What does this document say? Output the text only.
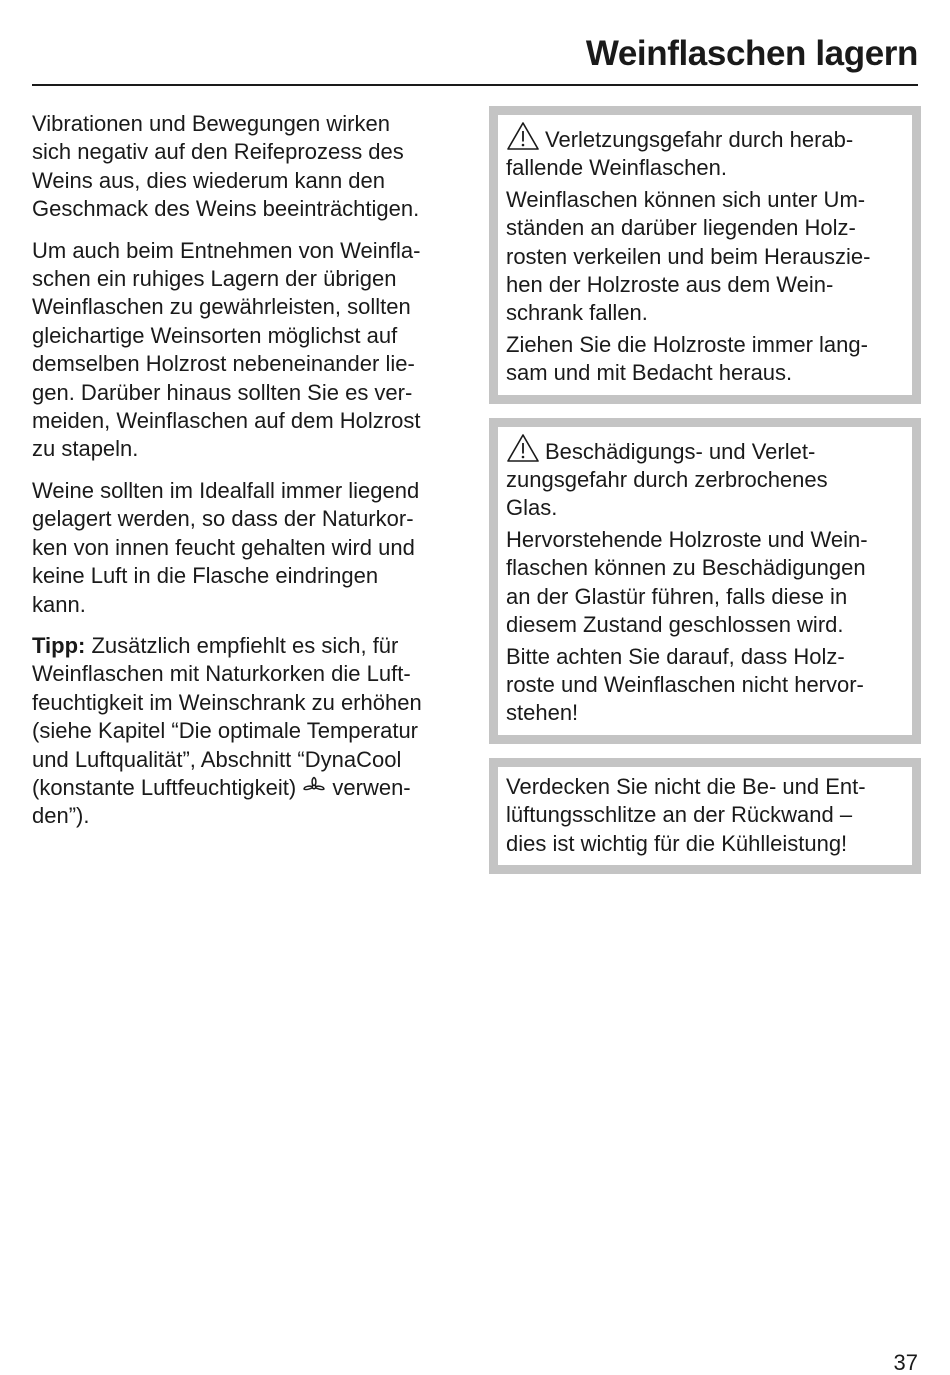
Weinflaschen lagern

Vibrationen und Bewegungen wirken
sich negativ auf den Reifeprozess des
Weins aus, dies wiederum kann den
Geschmack des Weins beeinträchtigen.

Um auch beim Entnehmen von Weinfla-
schen ein ruhiges Lagern der übrigen
Weinflaschen zu gewährleisten, sollten
gleichartige Weinsorten möglichst auf
demselben Holzrost nebeneinander lie-
gen. Darüber hinaus sollten Sie es ver-
meiden, Weinflaschen auf dem Holzrost
zu stapeln.

Weine sollten im Idealfall immer liegend
gelagert werden, so dass der Naturkor-
ken von innen feucht gehalten wird und
keine Luft in die Flasche eindringen
kann.

Tipp: Zusätzlich empfiehlt es sich, für
Weinflaschen mit Naturkorken die Luft-
feuchtigkeit im Weinschrank zu erhöhen
(siehe Kapitel “Die optimale Temperatur
und Luftqualität”, Abschnitt “DynaCool
(konstante Luftfeuchtigkeit)  verwen-
den”).

Verletzungsgefahr durch herab-
fallende Weinflaschen.

Weinflaschen können sich unter Um-
ständen an darüber liegenden Holz-
rosten verkeilen und beim Herauszie-
hen der Holzroste aus dem Wein-
schrank fallen.

Ziehen Sie die Holzroste immer lang-
sam und mit Bedacht heraus.

Beschädigungs- und Verlet-
zungsgefahr durch zerbrochenes
Glas.

Hervorstehende Holzroste und Wein-
flaschen können zu Beschädigungen
an der Glastür führen, falls diese in
diesem Zustand geschlossen wird.

Bitte achten Sie darauf, dass Holz-
roste und Weinflaschen nicht hervor-
stehen!

Verdecken Sie nicht die Be- und Ent-
lüftungsschlitze an der Rückwand –
dies ist wichtig für die Kühlleistung!

37
